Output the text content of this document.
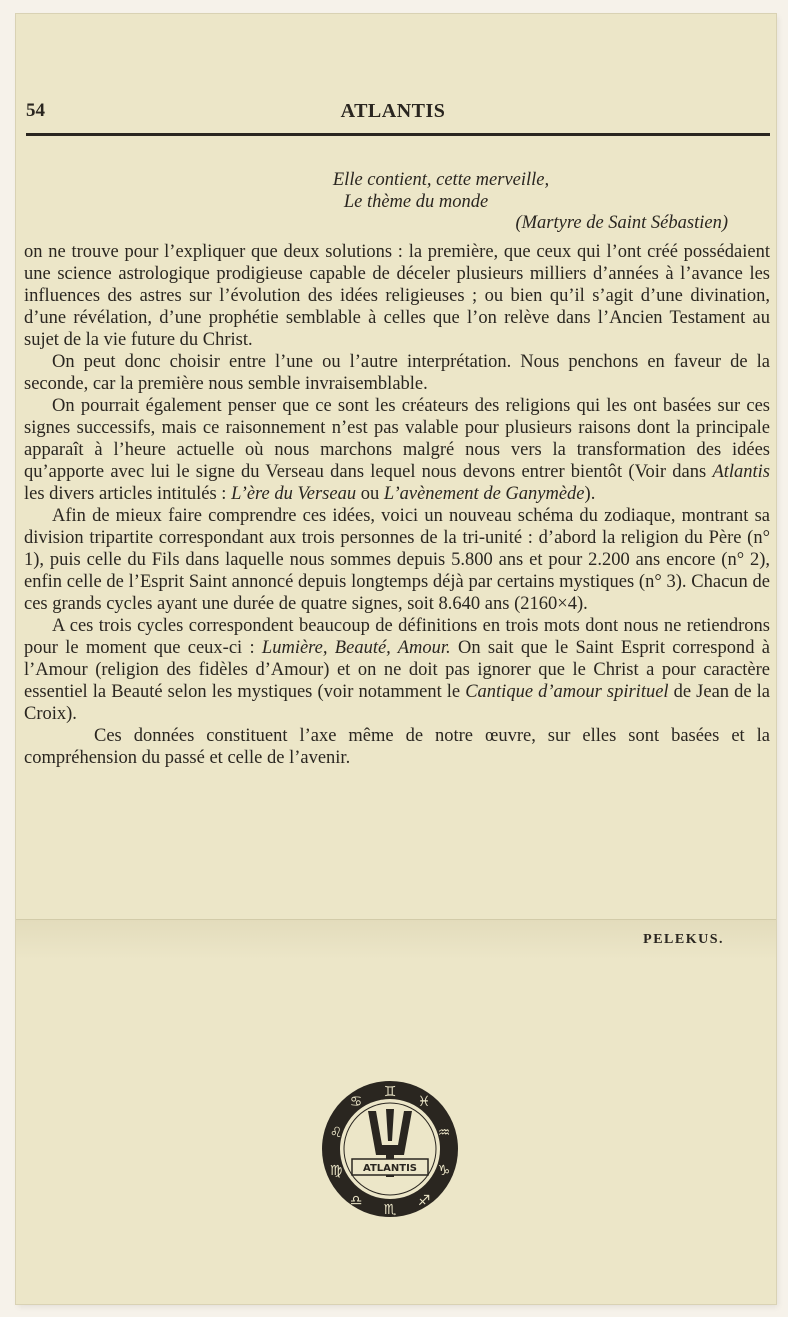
54	ATLANTIS
Elle contient, cette merveille,
Le thème du monde
(Martyre de Saint Sébastien)

on ne trouve pour l’expliquer que deux solutions : la première, que ceux qui l’ont créé possédaient une science astrologique prodigieuse capable de déceler plusieurs milliers d’années à l’avance les influences des astres sur l’évolution des idées religieuses ; ou bien qu’il s’agit d’une divination, d’une révélation, d’une prophétie semblable à celles que l’on relève dans l’Ancien Testament au sujet de la vie future du Christ.

On peut donc choisir entre l’une ou l’autre interprétation. Nous penchons en faveur de la seconde, car la première nous semble invraisemblable.

On pourrait également penser que ce sont les créateurs des religions qui les ont basées sur ces signes successifs, mais ce raisonnement n’est pas valable pour plusieurs raisons dont la principale apparaît à l’heure actuelle où nous marchons malgré nous vers la transformation des idées qu’apporte avec lui le signe du Verseau dans lequel nous devons entrer bientôt (Voir dans Atlantis les divers articles intitulés : L’ère du Verseau ou L’avènement de Ganymède).

Afin de mieux faire comprendre ces idées, voici un nouveau schéma du zodiaque, montrant sa division tripartite correspondant aux trois personnes de la tri-unité : d’abord la religion du Père (n° 1), puis celle du Fils dans laquelle nous sommes depuis 5.800 ans et pour 2.200 ans encore (n° 2), enfin celle de l’Esprit Saint annoncé depuis longtemps déjà par certains mystiques (n° 3). Chacun de ces grands cycles ayant une durée de quatre signes, soit 8.640 ans (2160×4).

A ces trois cycles correspondent beaucoup de définitions en trois mots dont nous ne retiendrons pour le moment que ceux-ci : Lumière, Beauté, Amour. On sait que le Saint Esprit correspond à l’Amour (religion des fidèles d’Amour) et on ne doit pas ignorer que le Christ a pour caractère essentiel la Beauté selon les mystiques (voir notamment le Cantique d’amour spirituel de Jean de la Croix).

Ces données constituent l’axe même de notre œuvre, sur elles sont basées et la compréhension du passé et celle de l’avenir.

PELEKUS.
♊
♓
♒
♑
♐
♏
♎
♍
♌
♋
ATLANTIS
